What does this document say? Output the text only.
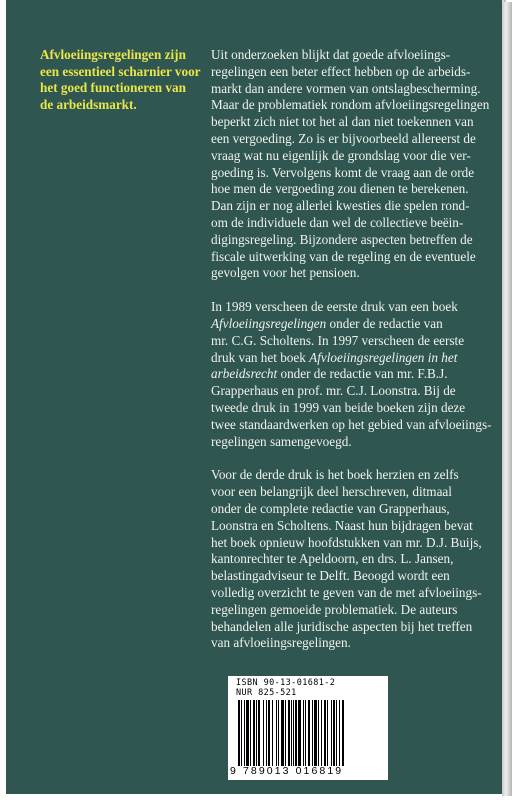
Afvloeiingsregelingen zijn
een essentieel scharnier voor
het goed functioneren van
de arbeidsmarkt.

Uit onderzoeken blijkt dat goede afvloeiings-
regelingen een beter effect hebben op de arbeids-
markt dan andere vormen van ontslagbescherming.
Maar de problematiek rondom afvloeiingsregelingen
beperkt zich niet tot het al dan niet toekennen van
een vergoeding. Zo is er bijvoorbeeld allereerst de
vraag wat nu eigenlijk de grondslag voor die ver-
goeding is. Vervolgens komt de vraag aan de orde
hoe men de vergoeding zou dienen te berekenen.
Dan zijn er nog allerlei kwesties die spelen rond-
om de individuele dan wel de collectieve beëin-
digingsregeling. Bijzondere aspecten betreffen de
fiscale uitwerking van de regeling en de eventuele
gevolgen voor het pensioen.

In 1989 verscheen de eerste druk van een boek
Afvloeiingsregelingen onder de redactie van
mr. C.G. Scholtens. In 1997 verscheen de eerste
druk van het boek Afvloeiingsregelingen in het
arbeidsrecht onder de redactie van mr. F.B.J.
Grapperhaus en prof. mr. C.J. Loonstra. Bij de
tweede druk in 1999 van beide boeken zijn deze
twee standaardwerken op het gebied van afvloeiings-
regelingen samengevoegd.

Voor de derde druk is het boek herzien en zelfs
voor een belangrijk deel herschreven, ditmaal
onder de complete redactie van Grapperhaus,
Loonstra en Scholtens. Naast hun bijdragen bevat
het boek opnieuw hoofdstukken van mr. D.J. Buijs,
kantonrechter te Apeldoorn, en drs. L. Jansen,
belastingadviseur te Delft. Beoogd wordt een
volledig overzicht te geven van de met afvloeiings-
regelingen gemoeide problematiek. De auteurs
behandelen alle juridische aspecten bij het treffen
van afvloeiingsregelingen.

ISBN 90-13-01681-2
NUR 825-521
9 789013 016819
